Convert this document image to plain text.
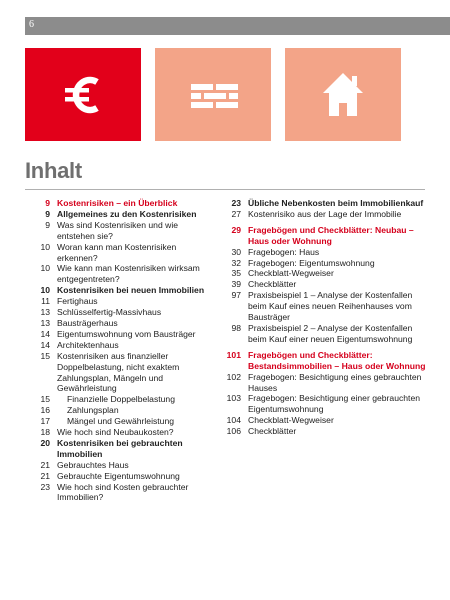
6
Inhalt
9 Kostenrisiken – ein Überblick
9 Allgemeines zu den Kostenrisiken
9 Was sind Kostenrisiken und wie entstehen sie?
10 Woran kann man Kostenrisiken erkennen?
10 Wie kann man Kostenrisiken wirksam entgegentreten?
10 Kostenrisiken bei neuen Immobilien
11 Fertighaus
13 Schlüsselfertig-Massivhaus
13 Bausträgerhaus
14 Eigentumswohnung vom Bausträger
14 Architektenhaus
15 Kostenrisiken aus finanzieller Doppelbelastung, nicht exaktem Zahlungsplan, Mängeln und Gewährleistung
15	Finanzielle Doppelbelastung
16	Zahlungsplan
17	Mängel und Gewährleistung
18 Wie hoch sind Neubaukosten?
20 Kostenrisiken bei gebrauchten Immobilien
21 Gebrauchtes Haus
21 Gebrauchte Eigentumswohnung
23 Wie hoch sind Kosten gebrauchter Immobilien?
23 Übliche Nebenkosten beim Immobilienkauf
27 Kostenrisiko aus der Lage der Immobilie
29 Fragebögen und Checkblätter: Neubau – Haus oder Wohnung
30 Fragebogen: Haus
32 Fragebogen: Eigentumswohnung
35 Checkblatt-Wegweiser
39 Checkblätter
97 Praxisbeispiel 1 – Analyse der Kostenfallen beim Kauf eines neuen Reihenhauses vom Bausträger
98 Praxisbeispiel 2 – Analyse der Kostenfallen beim Kauf einer neuen Eigentumswohnung
101 Fragebögen und Checkblätter: Bestandsimmobilien – Haus oder Wohnung
102 Fragebogen: Besichtigung eines gebrauchten Hauses
103 Fragebogen: Besichtigung einer gebrauchten Eigentumswohnung
104 Checkblatt-Wegweiser
106 Checkblätter
